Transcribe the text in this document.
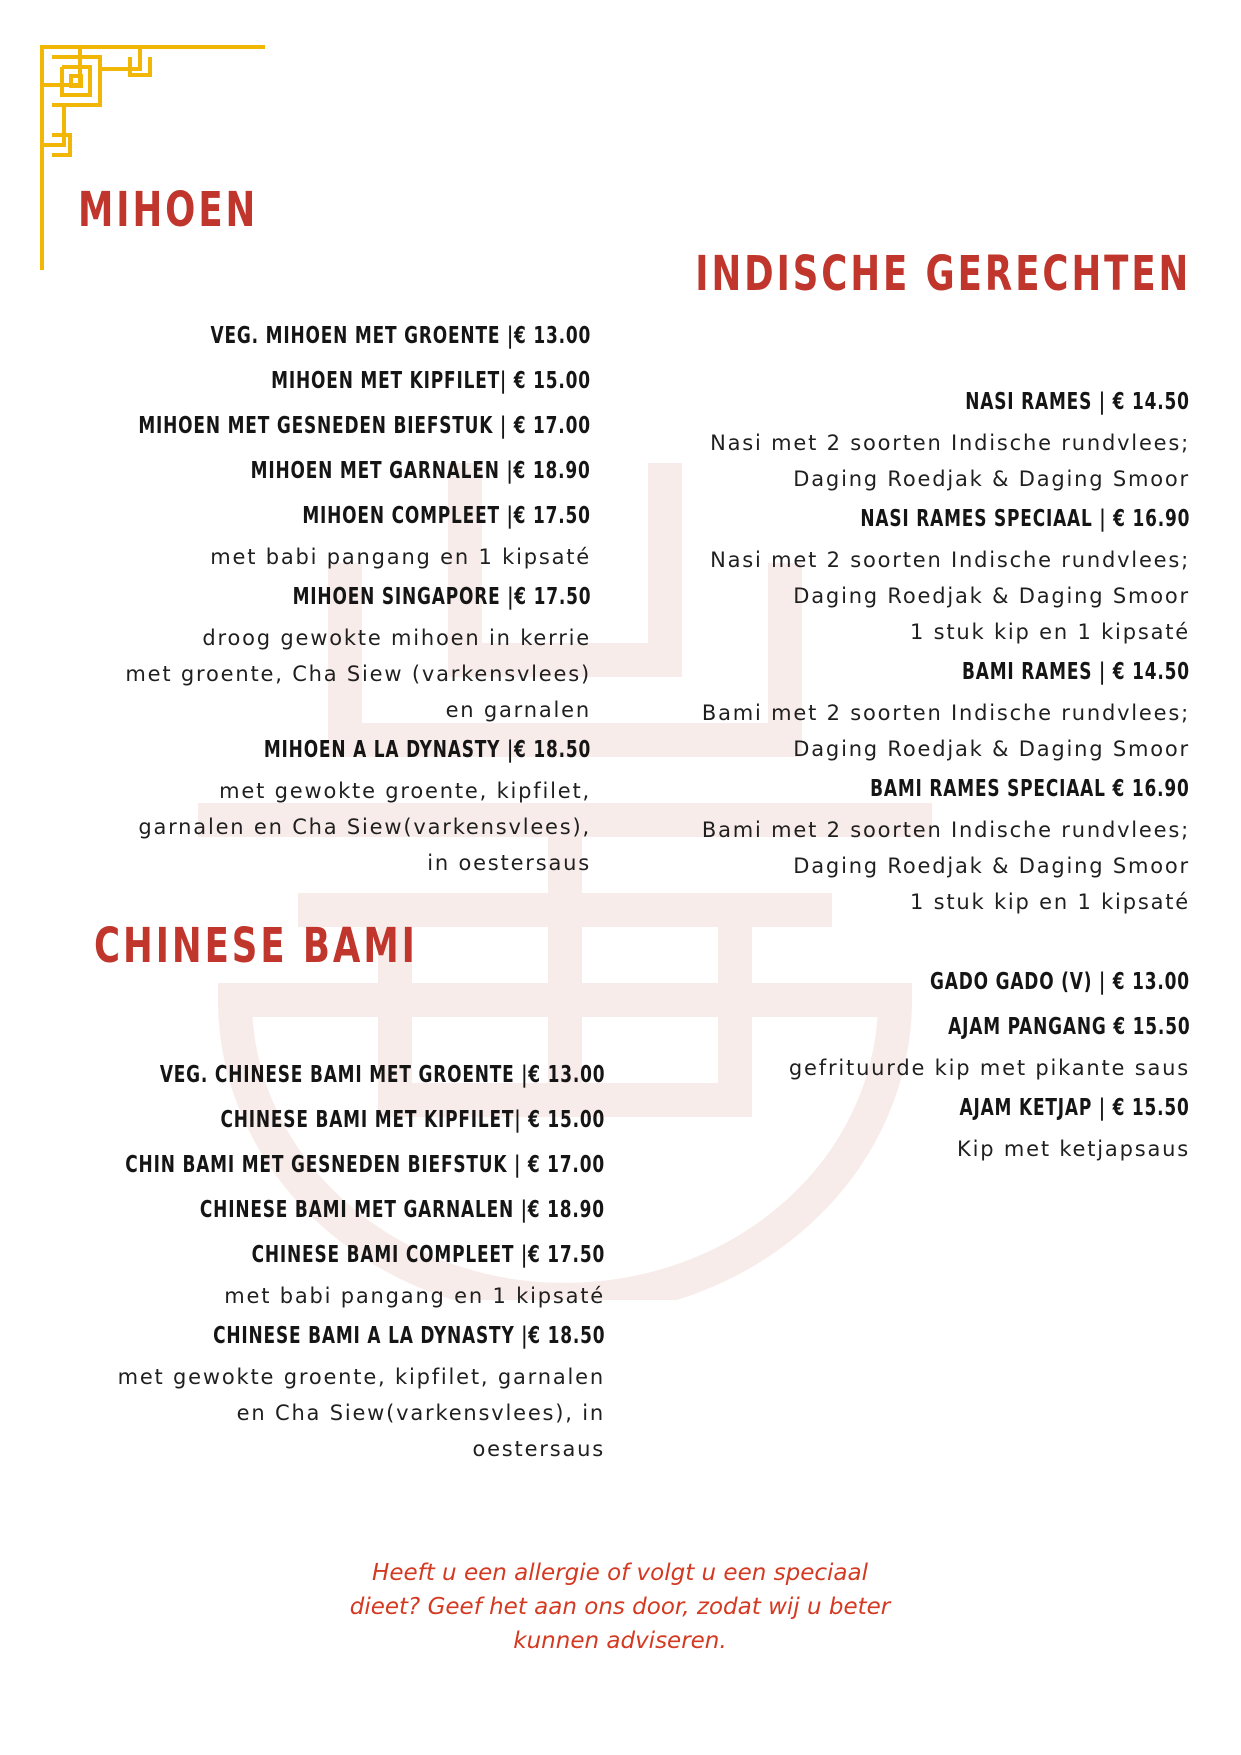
MIHOEN
INDISCHE GERECHTEN
CHINESE BAMI
VEG. MIHOEN MET GROENTE |€ 13.00
MIHOEN MET KIPFILET| € 15.00
MIHOEN MET GESNEDEN BIEFSTUK | € 17.00
MIHOEN MET GARNALEN |€ 18.90
MIHOEN COMPLEET |€ 17.50
met babi pangang en 1 kipsaté
MIHOEN SINGAPORE |€ 17.50
droog gewokte mihoen in kerrie
met groente, Cha Siew (varkensvlees)
en garnalen
MIHOEN A LA DYNASTY |€ 18.50
met gewokte groente, kipfilet,
garnalen en Cha Siew(varkensvlees),
in oestersaus
VEG. CHINESE BAMI MET GROENTE |€ 13.00
CHINESE BAMI MET KIPFILET| € 15.00
CHIN BAMI MET GESNEDEN BIEFSTUK | € 17.00
CHINESE BAMI MET GARNALEN |€ 18.90
CHINESE BAMI COMPLEET |€ 17.50
met babi pangang en 1 kipsaté
CHINESE BAMI A LA DYNASTY |€ 18.50
met gewokte groente, kipfilet, garnalen
en Cha Siew(varkensvlees), in
oestersaus
NASI RAMES | € 14.50
Nasi met 2 soorten Indische rundvlees;
Daging Roedjak & Daging Smoor
NASI RAMES SPECIAAL | € 16.90
Nasi met 2 soorten Indische rundvlees;
Daging Roedjak & Daging Smoor
1 stuk kip en 1 kipsaté
BAMI RAMES | € 14.50
Bami met 2 soorten Indische rundvlees;
Daging Roedjak & Daging Smoor
BAMI RAMES SPECIAAL € 16.90
Bami met 2 soorten Indische rundvlees;
Daging Roedjak & Daging Smoor
1 stuk kip en 1 kipsaté
GADO GADO (V) | € 13.00
AJAM PANGANG € 15.50
gefrituurde kip met pikante saus
AJAM KETJAP | € 15.50
Kip met ketjapsaus

Heeft u een allergie of volgt u een speciaal
dieet? Geef het aan ons door, zodat wij u beter
kunnen adviseren.
